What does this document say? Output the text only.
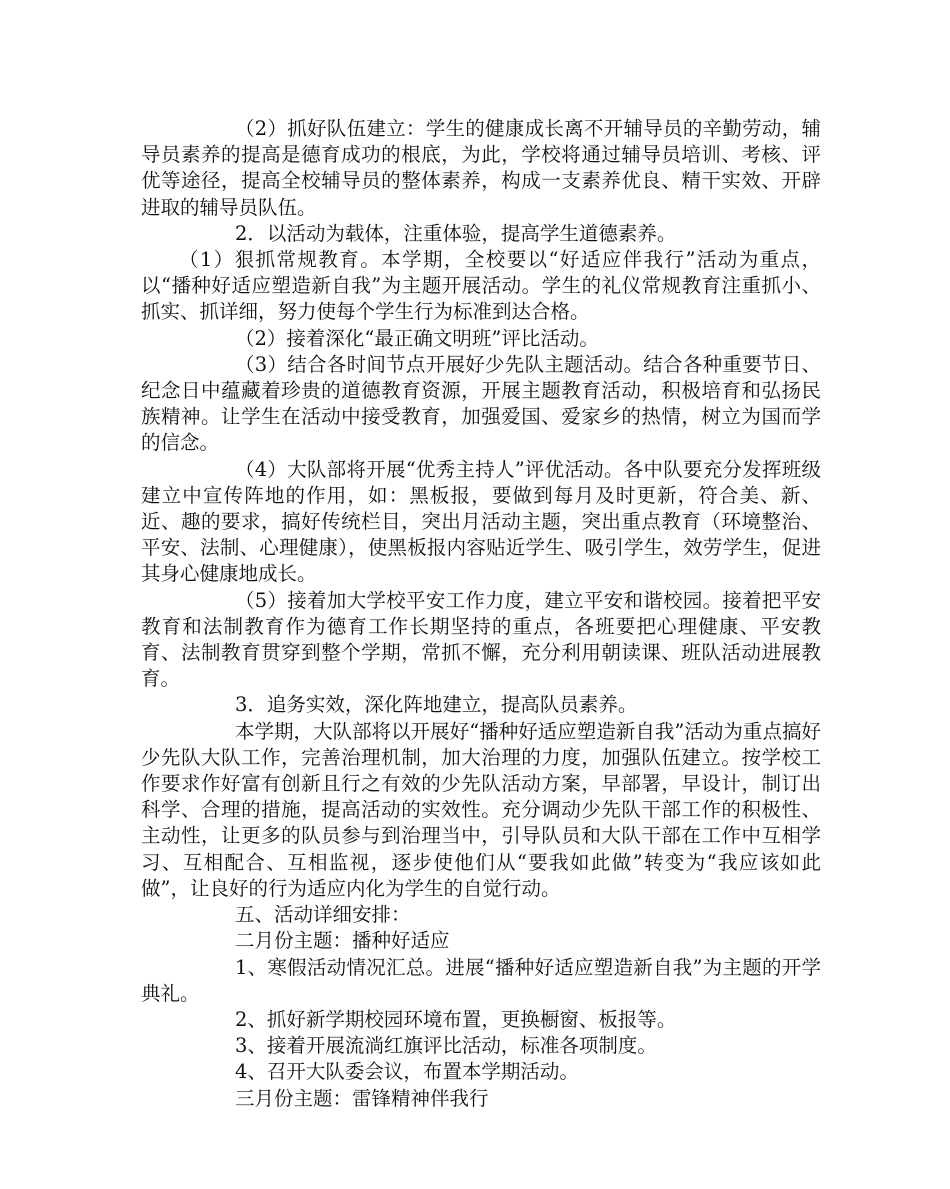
（2）抓好队伍建立：学生的健康成长离不开辅导员的辛勤劳动，辅导员素养的提高是德育成功的根底，为此，学校将通过辅导员培训、考核、评优等途径，提高全校辅导员的整体素养，构成一支素养优良、精干实效、开辟进取的辅导员队伍。

2．以活动为载体，注重体验，提高学生道德素养。

（1）狠抓常规教育。本学期，全校要以“好适应伴我行”活动为重点，以“播种好适应塑造新自我”为主题开展活动。学生的礼仪常规教育注重抓小、抓实、抓详细，努力使每个学生行为标准到达合格。

（2）接着深化“最正确文明班”评比活动。

（3）结合各时间节点开展好少先队主题活动。结合各种重要节日、纪念日中蕴藏着珍贵的道德教育资源，开展主题教育活动，积极培育和弘扬民族精神。让学生在活动中接受教育，加强爱国、爱家乡的热情，树立为国而学的信念。

（4）大队部将开展“优秀主持人”评优活动。各中队要充分发挥班级建立中宣传阵地的作用，如：黑板报，要做到每月及时更新，符合美、新、近、趣的要求，搞好传统栏目，突出月活动主题，突出重点教育（环境整治、平安、法制、心理健康），使黑板报内容贴近学生、吸引学生，效劳学生，促进其身心健康地成长。

（5）接着加大学校平安工作力度，建立平安和谐校园。接着把平安教育和法制教育作为德育工作长期坚持的重点，各班要把心理健康、平安教育、法制教育贯穿到整个学期，常抓不懈，充分利用朝读课、班队活动进展教育。

3．追务实效，深化阵地建立，提高队员素养。

本学期，大队部将以开展好“播种好适应塑造新自我”活动为重点搞好少先队大队工作，完善治理机制，加大治理的力度，加强队伍建立。按学校工作要求作好富有创新且行之有效的少先队活动方案，早部署，早设计，制订出科学、合理的措施，提高活动的实效性。充分调动少先队干部工作的积极性、主动性，让更多的队员参与到治理当中，引导队员和大队干部在工作中互相学习、互相配合、互相监视，逐步使他们从“要我如此做”转变为“我应该如此做”，让良好的行为适应内化为学生的自觉行动。

五、活动详细安排：

二月份主题：播种好适应

1、寒假活动情况汇总。进展“播种好适应塑造新自我”为主题的开学典礼。

2、抓好新学期校园环境布置，更换橱窗、板报等。

3、接着开展流淌红旗评比活动，标准各项制度。

4、召开大队委会议，布置本学期活动。

三月份主题：雷锋精神伴我行
